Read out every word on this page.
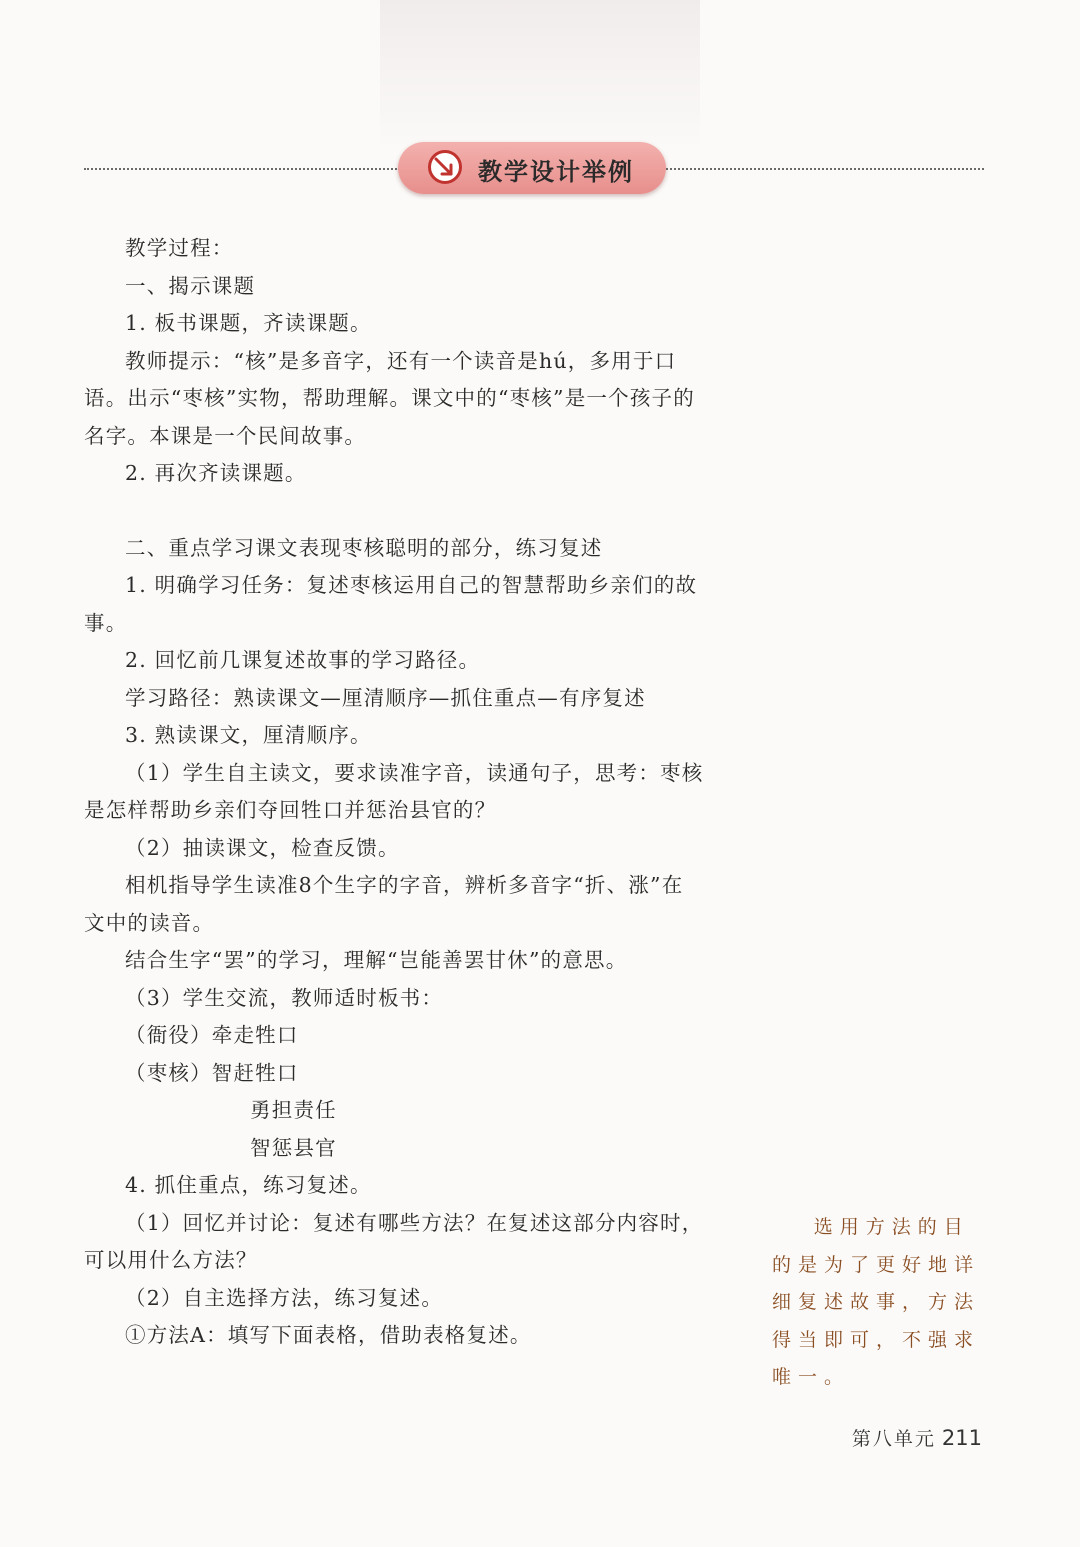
教学设计举例

教学过程：

一、揭示课题

1. 板书课题，齐读课题。

教师提示：“核”是多音字，还有一个读音是hú，多用于口语。出示“枣核”实物，帮助理解。课文中的“枣核”是一个孩子的名字。本课是一个民间故事。

2. 再次齐读课题。

二、重点学习课文表现枣核聪明的部分，练习复述

1. 明确学习任务：复述枣核运用自己的智慧帮助乡亲们的故事。

2. 回忆前几课复述故事的学习路径。

学习路径：熟读课文—厘清顺序—抓住重点—有序复述

3. 熟读课文，厘清顺序。

（1）学生自主读文，要求读准字音，读通句子，思考：枣核是怎样帮助乡亲们夺回牲口并惩治县官的？

（2）抽读课文，检查反馈。

相机指导学生读准8个生字的字音，辨析多音字“折、涨”在文中的读音。

结合生字“罢”的学习，理解“岂能善罢甘休”的意思。

（3）学生交流，教师适时板书：

（衙役）牵走牲口

（枣核）智赶牲口

勇担责任

智惩县官

4. 抓住重点，练习复述。

（1）回忆并讨论：复述有哪些方法？在复述这部分内容时，可以用什么方法？

（2）自主选择方法，练习复述。

①方法A：填写下面表格，借助表格复述。

选用方法的目的是为了更好地详细复述故事，方法得当即可，不强求唯一。
第八单元 211
